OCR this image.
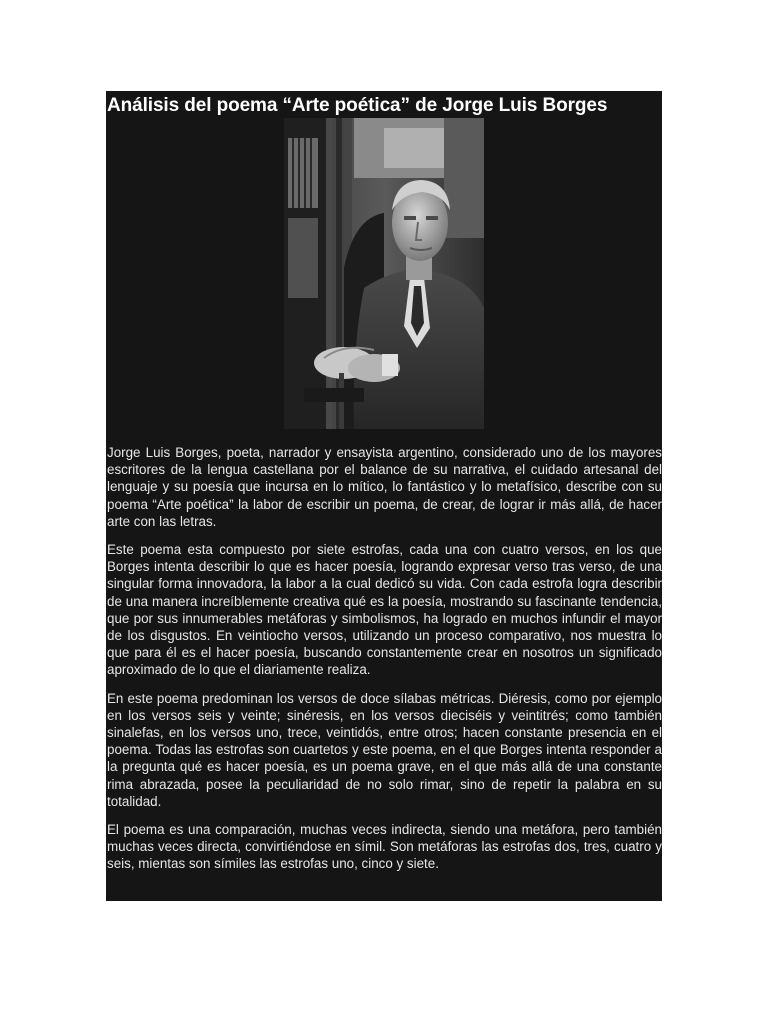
Análisis del poema “Arte poética” de Jorge Luis Borges

Jorge Luis Borges, poeta, narrador y ensayista argentino, considerado uno de los mayores escritores de la lengua castellana por el balance de su narrativa, el cuidado artesanal del lenguaje y su poesía que incursa en lo mítico, lo fantástico y lo metafísico, describe con su poema “Arte poética” la labor de escribir un poema, de crear, de lograr ir más allá, de hacer arte con las letras.

Este poema esta compuesto por siete estrofas, cada una con cuatro versos, en los que Borges intenta describir lo que es hacer poesía, logrando expresar verso tras verso, de una singular forma innovadora, la labor a la cual dedicó su vida. Con cada estrofa logra describir de una manera increíblemente creativa qué es la poesía, mostrando su fascinante tendencia, que por sus innumerables metáforas y simbolismos, ha logrado en muchos infundir el mayor de los disgustos. En veintiocho versos, utilizando un proceso comparativo, nos muestra lo que para él es el hacer poesía, buscando constantemente crear en nosotros un significado aproximado de lo que el diariamente realiza.

En este poema predominan los versos de doce sílabas métricas. Diéresis, como por ejemplo en los versos seis y veinte; sinéresis, en los versos dieciséis y veintitrés; como también sinalefas, en los versos uno, trece, veintidós, entre otros; hacen constante presencia en el poema. Todas las estrofas son cuartetos y este poema, en el que Borges intenta responder a la pregunta qué es hacer poesía, es un poema grave, en el que más allá de una constante rima abrazada, posee la peculiaridad de no solo rimar, sino de repetir la palabra en su totalidad.

El poema es una comparación, muchas veces indirecta, siendo una metáfora, pero también muchas veces directa, convirtiéndose en símil. Son metáforas las estrofas dos, tres, cuatro y seis, mientas son símiles las estrofas uno, cinco y siete.
